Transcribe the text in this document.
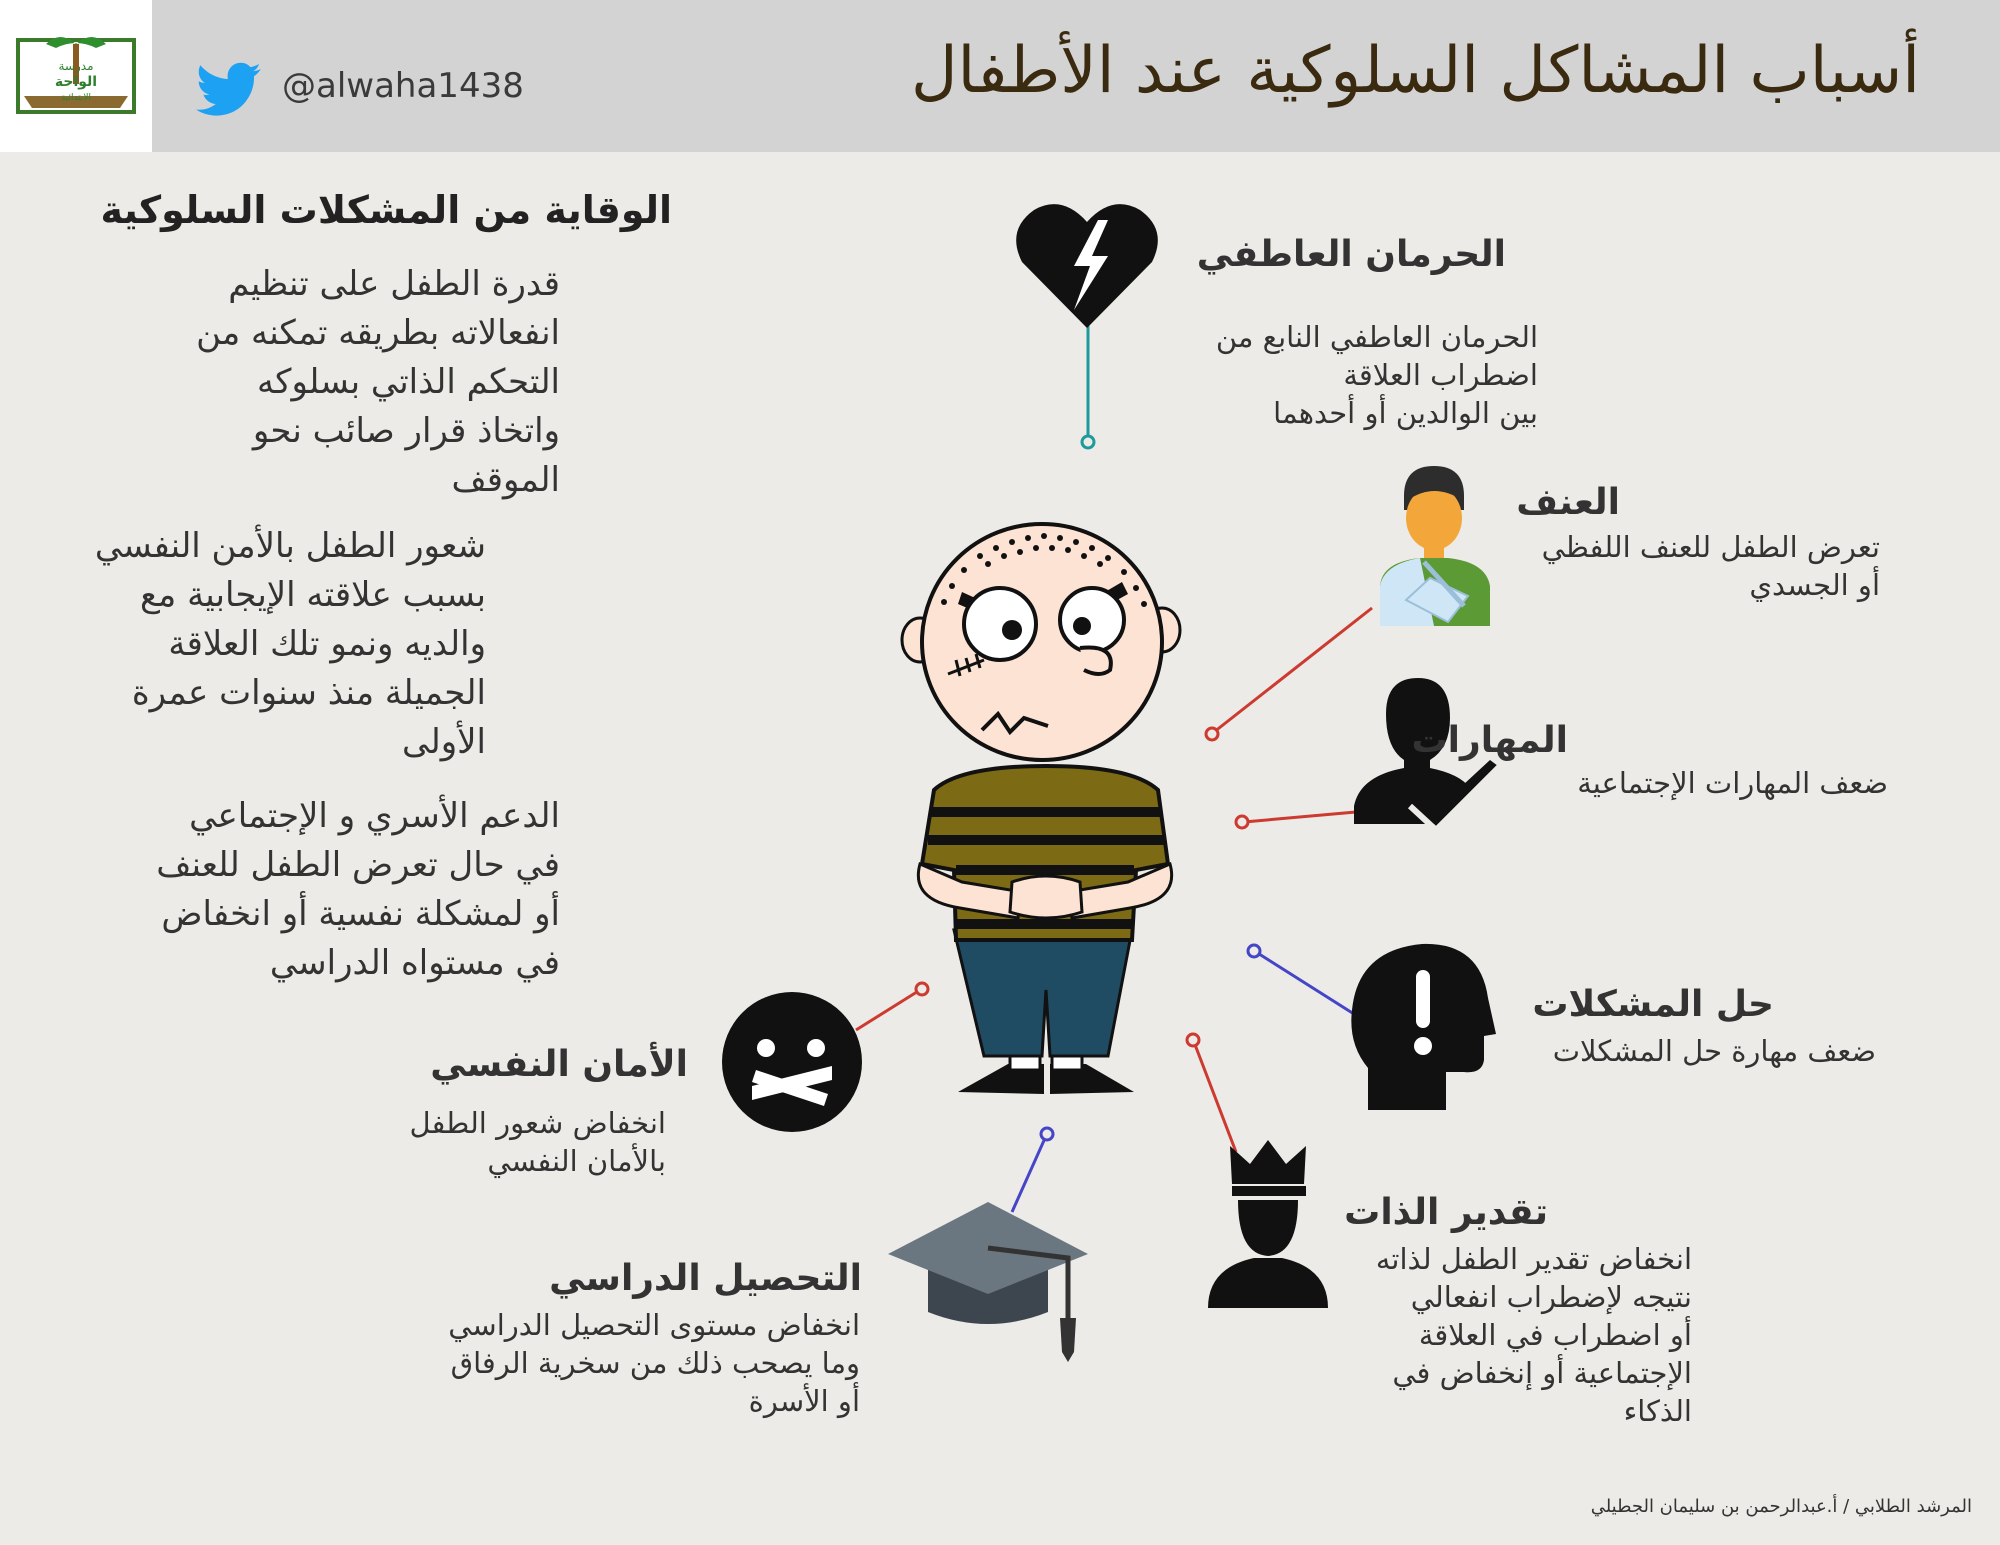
مدرسة
الواحة
الابتدائية	@alwaha1438	أسباب المشاكل السلوكية عند الأطفال
الوقاية من المشكلات السلوكية
قدرة الطفل على تنظيم
انفعالاته بطريقه تمكنه من
التحكم الذاتي بسلوكه
واتخاذ قرار صائب نحو
الموقف
شعور الطفل بالأمن النفسي
بسبب علاقته الإيجابية مع
والديه ونمو تلك العلاقة
الجميلة منذ سنوات عمرة
الأولى
الدعم الأسري و الإجتماعي
في حال تعرض الطفل للعنف
أو لمشكلة نفسية أو انخفاض
في مستواه الدراسي
الحرمان العاطفي
الحرمان العاطفي النابع من
اضطراب العلاقة
بين الوالدين أو أحدهما
العنف
تعرض الطفل للعنف اللفظي
أو الجسدي
المهارات
ضعف المهارات الإجتماعية
حل المشكلات
ضعف مهارة حل المشكلات
تقدير الذات
انخفاض تقدير الطفل لذاته
نتيجه لإضطراب انفعالي
أو اضطراب في العلاقة
الإجتماعية أو إنخفاض في
الذكاء
الأمان النفسي
انخفاض شعور الطفل
بالأمان النفسي
التحصيل الدراسي
انخفاض مستوى التحصيل الدراسي
وما يصحب ذلك من سخرية الرفاق
أو الأسرة
المرشد الطلابي / أ.عبدالرحمن بن سليمان الجطيلي
